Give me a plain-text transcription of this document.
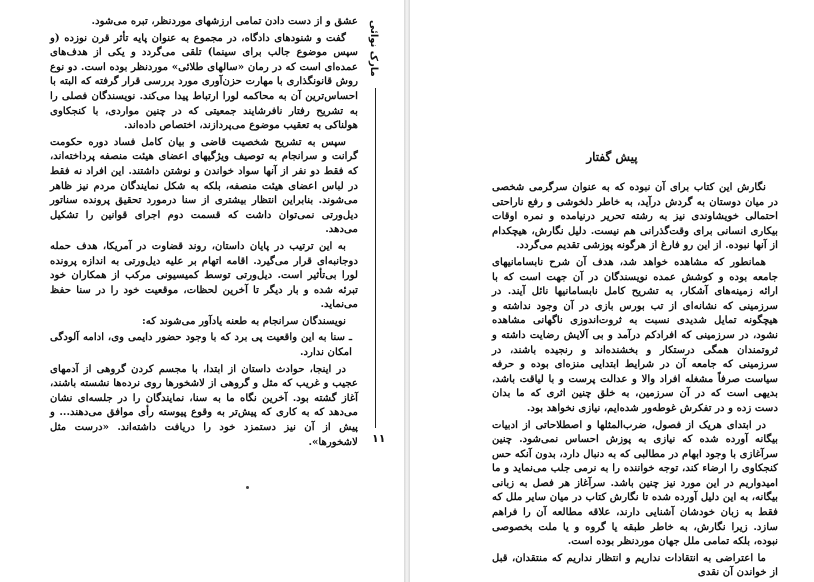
عشق و از دست دادن تمامی ارزشهای موردنظر، تبره می‌شود.

گفت و شنودهای دادگاه، در مجموع به عنوان پایه تأثر قرن نوزده (و سپس موضوع جالب برای سینما) تلقی می‌گردد و یکی از هدف‌های عمده‌ای است که در رمان «سالهای طلائی» موردنظر بوده است. دو نوع روش قانونگذاری با مهارت حزن‌آوری مورد بررسی قرار گرفته که البته با احساس‌ترین آن به محاکمه لورا ارتباط پیدا می‌کند. نویسندگان فصلی را به تشریح رفتار نافرشایند جمعیتی که در چنین مواردی، با کنجکاوی هولناکی به تعقیب موضوع می‌پردازند، اختصاص داده‌اند.

سپس به تشریح شخصیت قاضی و بیان کامل فساد دوره حکومت گرانت و سرانجام به توصیف ویژگیهای اعضای هیئت منصفه پرداخته‌اند، که فقط دو نفر از آنها سواد خواندن و نوشتن داشتند. این افراد نه فقط در لباس اعضای هیئت منصفه، بلکه به شکل نمایندگان مردم نیز ظاهر می‌شوند. بنابراین انتظار بیشتری از سنا درمورد تحقیق پرونده سناتور دیل‌ورتی نمی‌توان داشت که قسمت دوم اجرای قوانین را تشکیل می‌دهد.

به این ترتیب در پایان داستان، روند قضاوت در آمریکا، هدف حمله دوجانبه‌ای قرار می‌گیرد. اقامه اتهام بر علیه دیل‌ورتی به اندازه پرونده لورا بی‌تأثیر است. دیل‌ورتی توسط کمیسیونی مرکب از همکاران خود تبرئه شده و بار دیگر تا آخرین لحظات، موقعیت خود را در سنا حفظ می‌نماید.

نویسندگان سرانجام به طعنه یادآور می‌شوند که:

ـ سنا به این واقعیت پی برد که با وجود حضور دایمی وی، ادامه آلودگی امکان ندارد.

در اینجا، حوادث داستان از ابتدا، با مجسم کردن گروهی از آدمهای عجیب و غریب که مثل و گروهی از لاشخورها روی نرده‌ها نشسته باشند، آغاز گشته بود. آخرین نگاه ما به سنا، نمایندگان را در جلسه‌ای نشان می‌دهد که به کاری که پیش‌تر به وقوع پیوسته رأی موافق می‌دهند... و پیش از آن نیز دستمزد خود را دریافت داشته‌اند. «درست مثل لاشخورها».

مارک نوائی
۱۱
پیش گفتار

نگارش این کتاب برای آن نبوده که به عنوان سرگرمی شخصی در میان دوستان به گردش درآید، به خاطر دلخوشی و رفع ناراحتی احتمالی خویشاوندی نیز به رشته تحریر درنیامده و نمره اوقات بیکاری انسانی برای وقت‌گذرانی هم نیست. دلیل نگارش، هیچکدام از آنها نبوده. از این رو فارغ از هرگونه پوزشی تقدیم می‌گردد.

همانطور که مشاهده خواهد شد، هدف آن شرح نابسامانیهای جامعه بوده و کوشش عمده نویسندگان در آن جهت است که با ارائه زمینه‌های آشکار، به تشریح کامل نابسامانیها نائل آیند. در سرزمینی که نشانه‌ای از تب بورس بازی در آن وجود نداشته و هیچگونه تمایل شدیدی نسبت به ثروت‌اندوزی ناگهانی مشاهده نشود، در سرزمینی که افرادکم درآمد و بی آلایش رضایت داشته و ثروتمندان همگی درستکار و بخشنده‌اند و رنجیده باشند، در سرزمینی که جامعه آن در شرایط ابتدایی منزه‌ای بوده و حرفه سیاست صرفاً مشغله افراد والا و عدالت پرست و با لیاقت باشد، بدیهی است که در آن سرزمین، به خلق چنین اثری که ما بدان دست زده و در تفکرش غوطه‌ور شده‌ایم، نیازی نخواهد بود.

در ابتدای هریک از فصول، ضرب‌المثلها و اصطلاحاتی از ادبیات بیگانه آورده شده که نیازی به پوزش احساس نمی‌شود. چنین سرآغازی با وجود ابهام در مطالبی که به دنبال دارد، بدون آنکه حس کنجکاوی را ارضاء کند، توجه خواننده را به نرمی جلب می‌نماید و ما امیدواریم در این مورد نیز چنین باشد. سرآغاز هر فصل به زبانی بیگانه، به این دلیل آورده شده تا نگارش کتاب در میان سایر ملل که فقط به زبان خودشان آشنایی دارند، علاقه مطالعه آن را فراهم سازد. زیرا نگارش، به خاطر طبقه یا گروه و یا ملت بخصوصی نبوده، بلکه تمامی ملل جهان موردنظر بوده است.

ما اعتراضی به انتقادات نداریم و انتظار نداریم که منتقدان، قبل از خواندن آن نقدی
